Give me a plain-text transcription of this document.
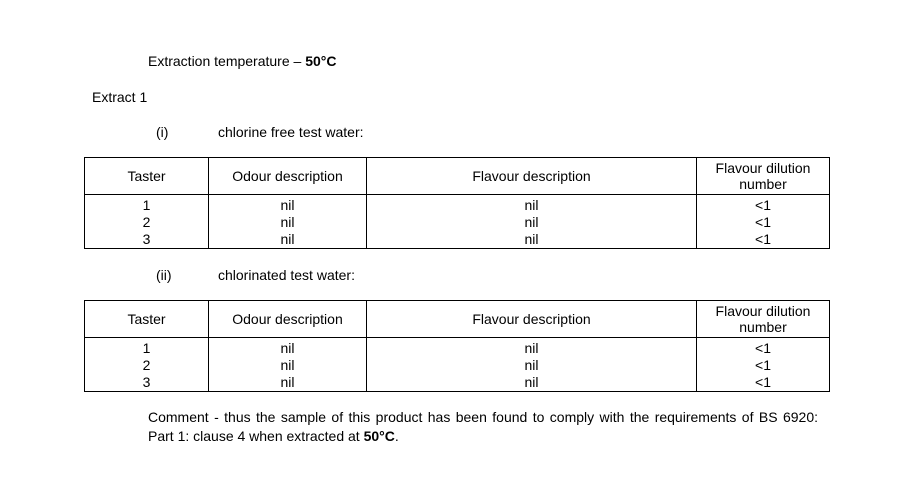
Extraction temperature – 50°C
Extract 1
(i)	chlorine free test water:
Taster	Odour description	Flavour description	Flavour dilution number
1	nil	nil	<1
2	nil	nil	<1
3	nil	nil	<1
(ii)	chlorinated test water:
Taster	Odour description	Flavour description	Flavour dilution number
1	nil	nil	<1
2	nil	nil	<1
3	nil	nil	<1
Comment - thus the sample of this product has been found to comply with the requirements of BS 6920: Part 1: clause 4 when extracted at 50°C.
